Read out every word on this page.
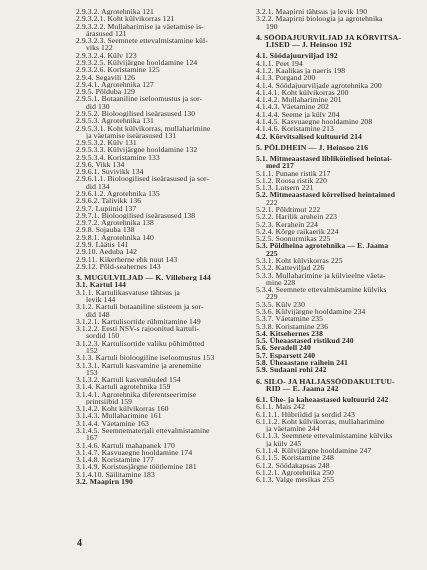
2.9.3.2. Agrotehnika 121
2.9.3.2.1. Koht külvikorras 121
2.9.3.2.2. Mullaharimise ja väetamise is-
ärasused 121
2.9.3.2.3. Seemnete ettevalmistamine kül-
viks 122
2.9.3.2.4. Külv 123
2.9.3.2.5. Külvijärgne hooldamine 124
2.9.3.2.6. Koristamine 125
2.9.4. Segavili 126
2.9.4.1. Agrotehnika 127
2.9.5. Põlduba 129
2.9.5.1. Botaaniline iseloomustus ja sor-
did 130
2.9.5.2. Bioloogilised iseärasused 130
2.9.5.3. Agrotehnika 131
2.9.5.3.1. Koht külvikorras, mullaharimine
ja väetamise iseärasused 131
2.9.5.3.2. Külv 131
2.9.5.3.3. Külvijärgne hooldamine 132
2.9.5.3.4. Koristamine 133
2.9.6. Vikk 134
2.9.6.1. Suvivikk 134
2.9.6.1.1. Bioloogilised iseärasused ja sor-
did 134
2.9.6.1.2. Agrotehnika 135
2.9.6.2. Talivikk 136
2.9.7. Lupiinid 137
2.9.7.1. Bioloogilised iseärasused 138
2.9.7.2. Agrotehnika 138
2.9.8. Sojauba 138
2.9.8.1. Agrotehnika 140
2.9.9. Läätis 141
2.9.10. Aeduba 142
2.9.11. Kikerherne ehk nuut 143
2.9.12. Põld-seahernes 143
3. MUGULVILJAD — K. Villeberg 144
3.1. Kartul 144
3.1.1. Kartulikasvatuse tähtsus ja
levik 144
3.1.2. Kartuli botaaniline süsteem ja sor-
did 148
3.1.2.1. Kartulisortide rühmitamine 149
3.1.2.2. Eesti NSV-s rajoonitud kartuli-
sordid 150
3.1.2.3. Kartulisortide valiku põhimõtted
152
3.1.3. Kartuli bioloogiline iseloomustus 153
3.1.3.1. Kartuli kasvamine ja arenemine
153
3.1.3.2. Kartuli kasvunõuded 154
3.1.4. Kartuli agrotehnika 159
3.1.4.1. Agrotehnika diferentseerimise
printsiibid 159
3.1.4.2. Koht külvikorras 160
3.1.4.3. Mullaharimine 161
3.1.4.4. Väetamine 163
3.1.4.5. Seemnematerjali ettevalmistamine
167
3.1.4.6. Kartuli mahapanek 170
3.1.4.7. Kasvuaegne hooldamine 174
3.1.4.8. Koristamine 177
3.1.4.9. Koristusjärgne töötlemine 181
3.1.4.10. Säilitamine 183
3.2. Maapirn 190
3.2.1. Maapirni tähtsus ja levik 190
3.2.2. Maapirni bioloogia ja agrotehnika
190
4. SÖÖDAJUURVILJAD JA KÕRVITSA-
LISED — J. Heinsoo 192
4.1. Söödajuurviljad 192
4.1.1. Peet 194
4.1.2. Kaalikas ja naeris 198
4.1.3. Porgand 200
4.1.4. Söödajuurviljade agrotehnika 200
4.1.4.1. Koht külvikorras 200
4.1.4.2. Mullaharimine 201
4.1.4.3. Väetamine 202
4.1.4.4. Seeme ja külv 204
4.1.4.5. Kasvuaegne hooldamine 208
4.1.4.6. Koristamine 213
4.2. Kõrvitsalised kultuurid 214
5. PÕLDHEIN — J. Heinsoo 216
5.1. Mitmeaastased liblikõielised heintai-
med 217
5.1.1. Punane ristik 217
5.1.2. Roosa ristik 220
5.1.3. Lutsern 221
5.2. Mitmeaastased kõrrelised heintaimed
222
5.2.1. Põldtimut 222
5.2.2. Harilik aruhein 223
5.2.3. Kerahein 224
5.2.4. Kõrge raikaerik 224
5.2.5. Soonurmikas 225
5.3. Põldheina agrotehnika — E. Jaama
225
5.3.1. Koht külvikorras 225
5.3.2. Katteviljad 226
5.3.3. Mullaharimine ja külvieelne väeta-
mine 228
5.3.4. Seemnete ettevalmistamine külviks
229
5.3.5. Külv 230
5.3.6. Külvijärgne hooldamine 234
5.3.7. Väetamine 235
5.3.8. Koristamine 236
5.4. Kitsehernes 238
5.5. Üheaastased ristikud 240
5.6. Seradell 240
5.7. Esparsett 240
5.8. Üheaastane raihein 241
5.9. Sudaani rohi 242
6. SILO- JA HALJASSÖÖDAKULTUU-
RID — E. Jaama 242
6.1. Ühe- ja kaheaastased kultuurid 242
6.1.1. Mais 242
6.1.1.1. Hübriidid ja sordid 243
6.1.1.2. Koht külvikorras, mullaharimine
ja väetamine 244
6.1.1.3. Seemnete ettevalmistamine külviks
ja külv 245
6.1.1.4. Külvijärgne hooldamine 247
6.1.1.5. Koristamine 248
6.1.2. Söödakapsas 248
6.1.2.1. Agrotehnika 250
6.1.3. Valge mesikas 255
4
